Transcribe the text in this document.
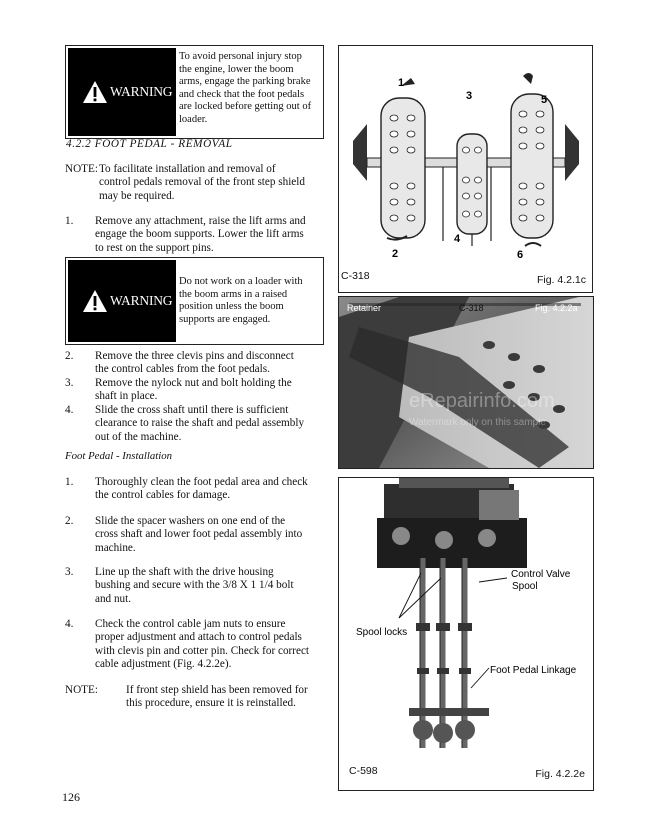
WARNING
To avoid personal injury stop
the engine, lower the boom
arms, engage the parking brake
and check that the foot pedals
are locked before getting out of
loader.
4.2.2 FOOT PEDAL - REMOVAL
NOTE: To facilitate installation and removal of
control pedals removal of the front step shield
may be required.
1. Remove any attachment, raise the lift arms and
engage the boom supports. Lower the lift arms
to rest on the support pins.
WARNING
Do not work on a loader with
the boom arms in a raised
position unless the boom
supports are engaged.
2. Remove the three clevis pins and disconnect
the control cables from the foot pedals.
3. Remove the nylock nut and bolt holding the
shaft in place.
4. Slide the cross shaft until there is sufficient
clearance to raise the shaft and pedal assembly
out of the machine.
Foot Pedal - Installation
1. Thoroughly clean the foot pedal area and check
the control cables for damage.
2. Slide the spacer washers on one end of the
cross shaft and lower foot pedal assembly into
machine.
3. Line up the shaft with the drive housing
bushing and secure with the 3/8 X 1 1/4 bolt
and nut.
4. Check the control cable jam nuts to ensure
proper adjustment and attach to control pedals
with clevis pin and cotter pin. Check for correct
cable adjustment (Fig. 4.2.2e).
NOTE:	If front step shield has been removed for
this procedure, ensure it is reinstalled.
126
1
2
3
4
5
6
C-318	Fig. 4.2.1c
Retainer	C-318	Fig. 4.2.2a
eRepairinfo.com
Watermark only on this sample
Control Valve
Spool
Spool locks
Foot Pedal Linkage
C-598	Fig. 4.2.2e
